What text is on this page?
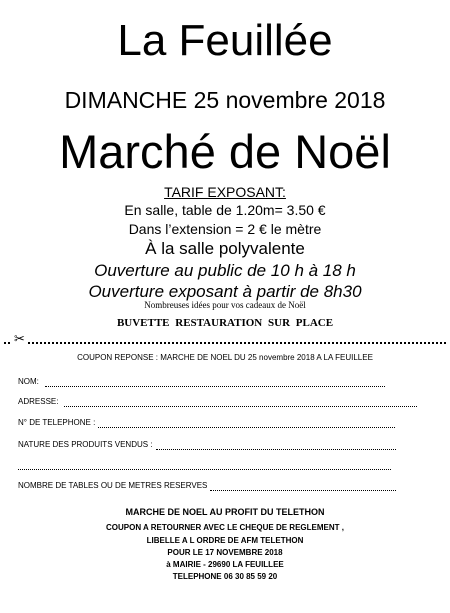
La Feuillée
DIMANCHE 25 novembre 2018
Marché de Noël
TARIF EXPOSANT:
En salle, table de 1.20m= 3.50 €
Dans l’extension = 2 € le mètre
À la salle polyvalente
Ouverture au public de 10 h à 18 h
Ouverture exposant à partir de 8h30
Nombreuses idées pour vos cadeaux de Noël
BUVETTE RESTAURATION SUR PLACE
✂
COUPON REPONSE : MARCHE DE NOEL DU 25 novembre 2018 A LA FEUILLEE
NOM:
ADRESSE:
N° DE TELEPHONE :
NATURE DES PRODUITS VENDUS :
NOMBRE DE TABLES OU DE METRES RESERVES
MARCHE DE NOEL AU PROFIT DU TELETHON
COUPON A RETOURNER AVEC LE CHEQUE DE REGLEMENT ,
LIBELLE A L ORDRE DE AFM TELETHON
POUR LE 17 NOVEMBRE 2018
à MAIRIE - 29690 LA FEUILLEE
TELEPHONE 06 30 85 59 20
